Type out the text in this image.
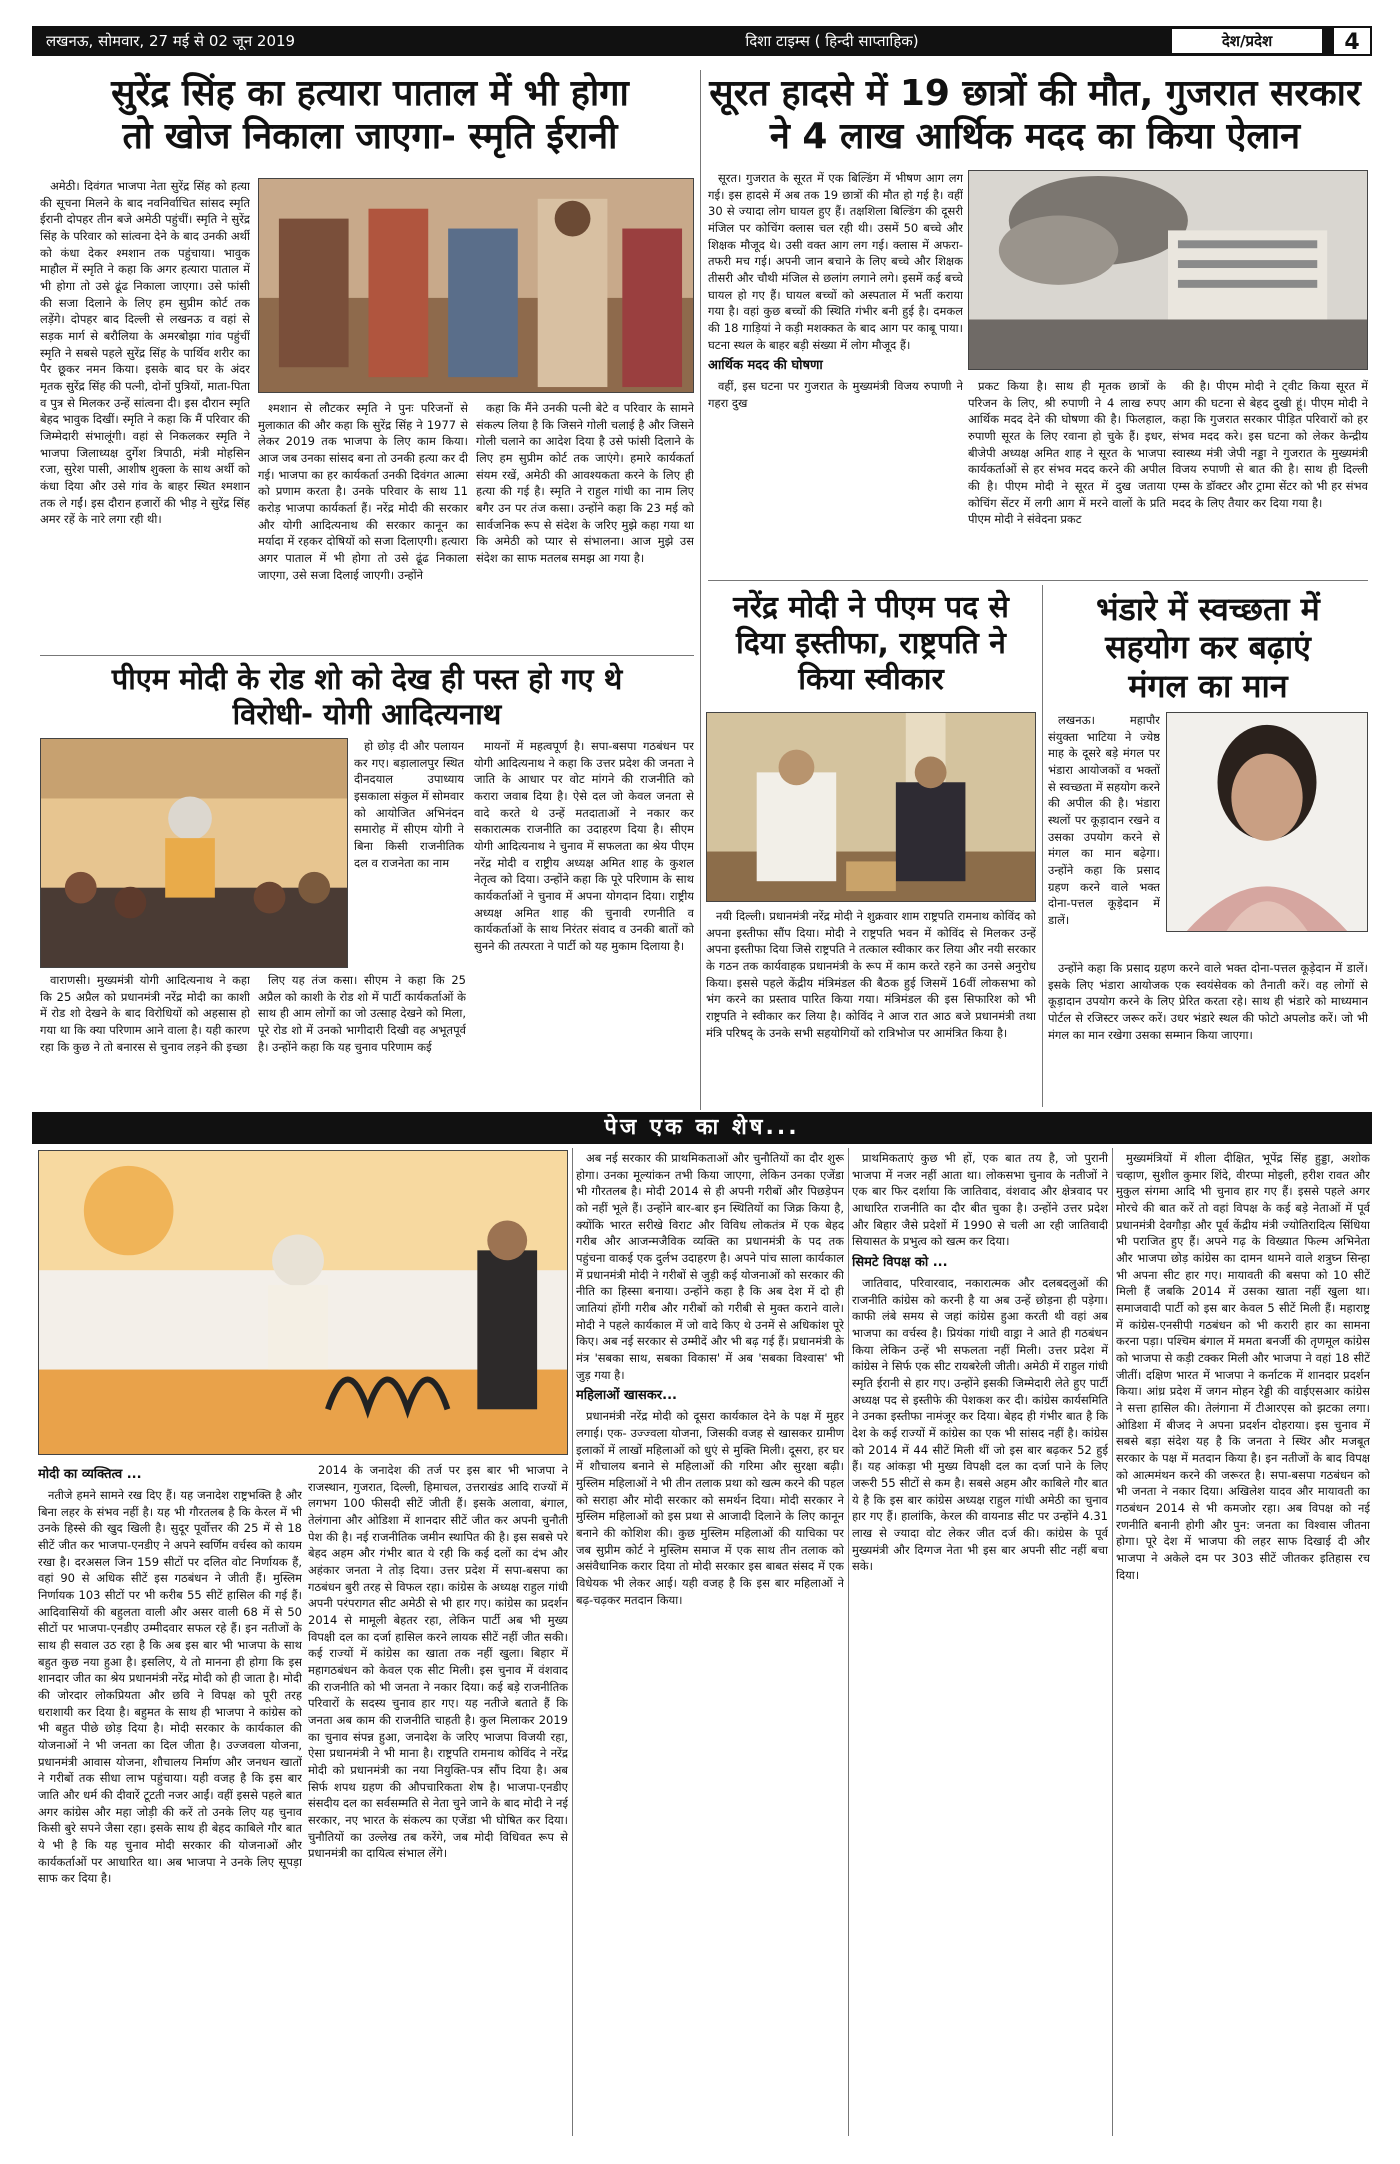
लखनऊ, सोमवार, 27 मई से 02 जून 2019	दिशा टाइम्स ( हिन्दी साप्ताहिक)	देश/प्रदेश	4
सुरेंद्र सिंह का हत्यारा पाताल में भी होगा
तो खोज निकाला जाएगा- स्मृति ईरानी
सूरत हादसे में 19 छात्रों की मौत, गुजरात सरकार
ने 4 लाख आर्थिक मदद का किया ऐलान

अमेठी। दिवंगत भाजपा नेता सुरेंद्र सिंह को हत्या की सूचना मिलने के बाद नवनिर्वाचित सांसद स्मृति ईरानी दोपहर तीन बजे अमेठी पहुंचीं। स्मृति ने सुरेंद्र सिंह के परिवार को सांत्वना देने के बाद उनकी अर्थी को कंधा देकर श्मशान तक पहुंचाया। भावुक माहौल में स्मृति ने कहा कि अगर हत्यारा पाताल में भी होगा तो उसे ढूंढ निकाला जाएगा। उसे फांसी की सजा दिलाने के लिए हम सुप्रीम कोर्ट तक लड़ेंगे। दोपहर बाद दिल्ली से लखनऊ व वहां से सड़क मार्ग से बरौलिया के अमरबोझा गांव पहुंचीं स्मृति ने सबसे पहले सुरेंद्र सिंह के पार्थिव शरीर का पैर छूकर नमन किया। इसके बाद घर के अंदर मृतक सुरेंद्र सिंह की पत्नी, दोनों पुत्रियों, माता-पिता व पुत्र से मिलकर उन्हें सांत्वना दी। इस दौरान स्मृति बेहद भावुक दिखीं। स्मृति ने कहा कि मैं परिवार की जिम्मेदारी संभालूंगी। वहां से निकलकर स्मृति ने भाजपा जिलाध्यक्ष दुर्गेश त्रिपाठी, मंत्री मोहसिन रजा, सुरेश पासी, आशीष शुक्ला के साथ अर्थी को कंधा दिया और उसे गांव के बाहर स्थित श्मशान तक ले गईं। इस दौरान हजारों की भीड़ ने सुरेंद्र सिंह अमर रहें के नारे लगा रही थी।

श्मशान से लौटकर स्मृति ने पुनः परिजनों से मुलाकात की और कहा कि सुरेंद्र सिंह ने 1977 से लेकर 2019 तक भाजपा के लिए काम किया। आज जब उनका सांसद बना तो उनकी हत्या कर दी गई। भाजपा का हर कार्यकर्ता उनकी दिवंगत आत्मा को प्रणाम करता है। उनके परिवार के साथ 11 करोड़ भाजपा कार्यकर्ता हैं। नरेंद्र मोदी की सरकार और योगी आदित्यनाथ की सरकार कानून का मर्यादा में रहकर दोषियों को सजा दिलाएगी। हत्यारा अगर पाताल में भी होगा तो उसे ढूंढ निकाला जाएगा, उसे सजा दिलाई जाएगी। उन्होंने

कहा कि मैंने उनकी पत्नी बेटे व परिवार के सामने संकल्प लिया है कि जिसने गोली चलाई है और जिसने गोली चलाने का आदेश दिया है उसे फांसी दिलाने के लिए हम सुप्रीम कोर्ट तक जाएंगे। हमारे कार्यकर्ता संयम रखें, अमेठी की आवश्यकता करने के लिए ही हत्या की गई है। स्मृति ने राहुल गांधी का नाम लिए बगैर उन पर तंज कसा। उन्होंने कहा कि 23 मई को सार्वजनिक रूप से संदेश के जरिए मुझे कहा गया था कि अमेठी को प्यार से संभालना। आज मुझे उस संदेश का साफ मतलब समझ आ गया है।

सूरत। गुजरात के सूरत में एक बिल्डिंग में भीषण आग लग गई। इस हादसे में अब तक 19 छात्रों की मौत हो गई है। वहीं 30 से ज्यादा लोग घायल हुए हैं। तक्षशिला बिल्डिंग की दूसरी मंजिल पर कोचिंग क्लास चल रही थी। उसमें 50 बच्चे और शिक्षक मौजूद थे। उसी वक्त आग लग गई। क्लास में अफरा-तफरी मच गई। अपनी जान बचाने के लिए बच्चे और शिक्षक तीसरी और चौथी मंजिल से छलांग लगाने लगे। इसमें कई बच्चे घायल हो गए हैं। घायल बच्चों को अस्पताल में भर्ती कराया गया है। वहां कुछ बच्चों की स्थिति गंभीर बनी हुई है। दमकल की 18 गाड़ियां ने कड़ी मशक्कत के बाद आग पर काबू पाया। घटना स्थल के बाहर बड़ी संख्या में लोग मौजूद हैं।

आर्थिक मदद की घोषणा

वहीं, इस घटना पर गुजरात के मुख्यमंत्री विजय रुपाणी ने गहरा दुख

प्रकट किया है। साथ ही मृतक छात्रों के परिजन के लिए, श्री रुपाणी ने 4 लाख रुपए आर्थिक मदद देने की घोषणा की है। फिलहाल, रुपाणी सूरत के लिए रवाना हो चुके हैं। इधर, बीजेपी अध्यक्ष अमित शाह ने सूरत के भाजपा कार्यकर्ताओं से हर संभव मदद करने की अपील की है। पीएम मोदी ने सूरत में दुख जताया कोचिंग सेंटर में लगी आग में मरने वालों के प्रति पीएम मोदी ने संवेदना प्रकट

की है। पीएम मोदी ने ट्वीट किया सूरत में आग की घटना से बेहद दुखी हूं। पीएम मोदी ने कहा कि गुजरात सरकार पीड़ित परिवारों को हर संभव मदद करे। इस घटना को लेकर केन्द्रीय स्वास्थ्य मंत्री जेपी नड्डा ने गुजरात के मुख्यमंत्री विजय रुपाणी से बात की है। साथ ही दिल्ली एम्स के डॉक्टर और ट्रामा सेंटर को भी हर संभव मदद के लिए तैयार कर दिया गया है।

नरेंद्र मोदी ने पीएम पद से
दिया इस्तीफा, राष्ट्रपति ने
किया स्वीकार

नयी दिल्ली। प्रधानमंत्री नरेंद्र मोदी ने शुक्रवार शाम राष्ट्रपति रामनाथ कोविंद को अपना इस्तीफा सौंप दिया। मोदी ने राष्ट्रपति भवन में कोविंद से मिलकर उन्हें अपना इस्तीफा दिया जिसे राष्ट्रपति ने तत्काल स्वीकार कर लिया और नयी सरकार के गठन तक कार्यवाहक प्रधानमंत्री के रूप में काम करते रहने का उनसे अनुरोध किया। इससे पहले केंद्रीय मंत्रिमंडल की बैठक हुई जिसमें 16वीं लोकसभा को भंग करने का प्रस्ताव पारित किया गया। मंत्रिमंडल की इस सिफारिश को भी राष्ट्रपति ने स्वीकार कर लिया है। कोविंद ने आज रात आठ बजे प्रधानमंत्री तथा मंत्रि परिषद् के उनके सभी सहयोगियों को रात्रिभोज पर आमंत्रित किया है।

भंडारे में स्वच्छता में
सहयोग कर बढ़ाएं
मंगल का मान

लखनऊ। महापौर संयुक्ता भाटिया ने ज्येष्ठ माह के दूसरे बड़े मंगल पर भंडारा आयोजकों व भक्तों से स्वच्छता में सहयोग करने की अपील की है। भंडारा स्थलों पर कूड़ादान रखने व उसका उपयोग करने से मंगल का मान बढ़ेगा। उन्होंने कहा कि प्रसाद ग्रहण करने वाले भक्त दोना-पत्तल कूड़ेदान में डालें।

उन्होंने कहा कि प्रसाद ग्रहण करने वाले भक्त दोना-पत्तल कूड़ेदान में डालें। इसके लिए भंडारा आयोजक एक स्वयंसेवक को तैनाती करें। वह लोगों से कूड़ादान उपयोग करने के लिए प्रेरित करता रहे। साथ ही भंडारे को माध्यमान पोर्टल से रजिस्टर जरूर करें। उधर भंडारे स्थल की फोटो अपलोड करें। जो भी मंगल का मान रखेगा उसका सम्मान किया जाएगा।

पीएम मोदी के रोड शो को देख ही पस्त हो गए थे
विरोधी- योगी आदित्यनाथ

हो छोड़ दी और पलायन कर गए। बड़ालालपुर स्थित दीनदयाल उपाध्याय इसकाला संकुल में सोमवार को आयोजित अभिनंदन समारोह में सीएम योगी ने बिना किसी राजनीतिक दल व राजनेता का नाम

वाराणसी। मुख्यमंत्री योगी आदित्यनाथ ने कहा कि 25 अप्रैल को प्रधानमंत्री नरेंद्र मोदी का काशी में रोड शो देखने के बाद विरोधियों को अहसास हो गया था कि क्या परिणाम आने वाला है। यही कारण रहा कि कुछ ने तो बनारस से चुनाव लड़ने की इच्छा

लिए यह तंज कसा। सीएम ने कहा कि 25 अप्रैल को काशी के रोड शो में पार्टी कार्यकर्ताओं के साथ ही आम लोगों का जो उत्साह देखने को मिला, पूरे रोड शो में उनको भागीदारी दिखी वह अभूतपूर्व है। उन्होंने कहा कि यह चुनाव परिणाम कई

मायनों में महत्वपूर्ण है। सपा-बसपा गठबंधन पर योगी आदित्यनाथ ने कहा कि उत्तर प्रदेश की जनता ने जाति के आधार पर वोट मांगने की राजनीति को करारा जवाब दिया है। ऐसे दल जो केवल जनता से वादे करते थे उन्हें मतदाताओं ने नकार कर सकारात्मक राजनीति का उदाहरण दिया है। सीएम योगी आदित्यनाथ ने चुनाव में सफलता का श्रेय पीएम नरेंद्र मोदी व राष्ट्रीय अध्यक्ष अमित शाह के कुशल नेतृत्व को दिया। उन्होंने कहा कि पूरे परिणाम के साथ कार्यकर्ताओं ने चुनाव में अपना योगदान दिया। राष्ट्रीय अध्यक्ष अमित शाह की चुनावी रणनीति व कार्यकर्ताओं के साथ निरंतर संवाद व उनकी बातों को सुनने की तत्परता ने पार्टी को यह मुकाम दिलाया है।

पेज एक का शेष...
मोदी का व्यक्तित्व ...

नतीजे हमने सामने रख दिए हैं। यह जनादेश राष्ट्रभक्ति है और बिना लहर के संभव नहीं है। यह भी गौरतलब है कि केरल में भी उनके हिस्से की खुद खिली है। सुदूर पूर्वोत्तर की 25 में से 18 सीटें जीत कर भाजपा-एनडीए ने अपने स्वर्णिम वर्चस्व को कायम रखा है। दरअसल जिन 159 सीटों पर दलित वोट निर्णायक हैं, वहां 90 से अधिक सीटें इस गठबंधन ने जीती हैं। मुस्लिम निर्णायक 103 सीटों पर भी करीब 55 सीटें हासिल की गई हैं। आदिवासियों की बहुलता वाली और असर वाली 68 में से 50 सीटों पर भाजपा-एनडीए उम्मीदवार सफल रहे हैं। इन नतीजों के साथ ही सवाल उठ रहा है कि अब इस बार भी भाजपा के साथ बहुत कुछ नया हुआ है। इसलिए, ये तो मानना ही होगा कि इस शानदार जीत का श्रेय प्रधानमंत्री नरेंद्र मोदी को ही जाता है। मोदी की जोरदार लोकप्रियता और छवि ने विपक्ष को पूरी तरह धराशायी कर दिया है। बहुमत के साथ ही भाजपा ने कांग्रेस को भी बहुत पीछे छोड़ दिया है। मोदी सरकार के कार्यकाल की योजनाओं ने भी जनता का दिल जीता है। उज्जवला योजना, प्रधानमंत्री आवास योजना, शौचालय निर्माण और जनधन खातों ने गरीबों तक सीधा लाभ पहुंचाया। यही वजह है कि इस बार जाति और धर्म की दीवारें टूटती नजर आईं। वहीं इससे पहले बात अगर कांग्रेस और महा जोड़ी की करें तो उनके लिए यह चुनाव किसी बुरे सपने जैसा रहा। इसके साथ ही बेहद काबिले गौर बात ये भी है कि यह चुनाव मोदी सरकार की योजनाओं और कार्यकर्ताओं पर आधारित था। अब भाजपा ने उनके लिए सूपड़ा साफ कर दिया है।

2014 के जनादेश की तर्ज पर इस बार भी भाजपा ने राजस्थान, गुजरात, दिल्ली, हिमाचल, उत्तराखंड आदि राज्यों में लगभग 100 फीसदी सीटें जीती हैं। इसके अलावा, बंगाल, तेलंगाना और ओडिशा में शानदार सीटें जीत कर अपनी चुनौती पेश की है। नई राजनीतिक जमीन स्थापित की है। इस सबसे परे बेहद अहम और गंभीर बात ये रही कि कई दलों का दंभ और अहंकार जनता ने तोड़ दिया। उत्तर प्रदेश में सपा-बसपा का गठबंधन बुरी तरह से विफल रहा। कांग्रेस के अध्यक्ष राहुल गांधी अपनी परंपरागत सीट अमेठी से भी हार गए। कांग्रेस का प्रदर्शन 2014 से मामूली बेहतर रहा, लेकिन पार्टी अब भी मुख्य विपक्षी दल का दर्जा हासिल करने लायक सीटें नहीं जीत सकी। कई राज्यों में कांग्रेस का खाता तक नहीं खुला। बिहार में महागठबंधन को केवल एक सीट मिली। इस चुनाव में वंशवाद की राजनीति को भी जनता ने नकार दिया। कई बड़े राजनीतिक परिवारों के सदस्य चुनाव हार गए। यह नतीजे बताते हैं कि जनता अब काम की राजनीति चाहती है। कुल मिलाकर 2019 का चुनाव संपन्न हुआ, जनादेश के जरिए भाजपा विजयी रहा, ऐसा प्रधानमंत्री ने भी माना है। राष्ट्रपति रामनाथ कोविंद ने नरेंद्र मोदी को प्रधानमंत्री का नया नियुक्ति-पत्र सौंप दिया है। अब सिर्फ शपथ ग्रहण की औपचारिकता शेष है। भाजपा-एनडीए संसदीय दल का सर्वसम्मति से नेता चुने जाने के बाद मोदी ने नई सरकार, नए भारत के संकल्प का एजेंडा भी घोषित कर दिया। चुनौतियों का उल्लेख तब करेंगे, जब मोदी विधिवत रूप से प्रधानमंत्री का दायित्व संभाल लेंगे।

अब नई सरकार की प्राथमिकताओं और चुनौतियों का दौर शुरू होगा। उनका मूल्यांकन तभी किया जाएगा, लेकिन उनका एजेंडा भी गौरतलब है। मोदी 2014 से ही अपनी गरीबों और पिछड़ेपन को नहीं भूले हैं। उन्होंने बार-बार इन स्थितियों का जिक्र किया है, क्योंकि भारत सरीखे विराट और विविध लोकतंत्र में एक बेहद गरीब और आजन्मजैविक व्यक्ति का प्रधानमंत्री के पद तक पहुंचना वाकई एक दुर्लभ उदाहरण है। अपने पांच साला कार्यकाल में प्रधानमंत्री मोदी ने गरीबों से जुड़ी कई योजनाओं को सरकार की नीति का हिस्सा बनाया। उन्होंने कहा है कि अब देश में दो ही जातियां होंगी गरीब और गरीबों को गरीबी से मुक्त कराने वाले। मोदी ने पहले कार्यकाल में जो वादे किए थे उनमें से अधिकांश पूरे किए। अब नई सरकार से उम्मीदें और भी बढ़ गई हैं। प्रधानमंत्री के मंत्र 'सबका साथ, सबका विकास' में अब 'सबका विश्वास' भी जुड़ गया है।

महिलाओं खासकर...

प्रधानमंत्री नरेंद्र मोदी को दूसरा कार्यकाल देने के पक्ष में मुहर लगाई। एक- उज्ज्वला योजना, जिसकी वजह से खासकर ग्रामीण इलाकों में लाखों महिलाओं को धुएं से मुक्ति मिली। दूसरा, हर घर में शौचालय बनाने से महिलाओं की गरिमा और सुरक्षा बढ़ी। मुस्लिम महिलाओं ने भी तीन तलाक प्रथा को खत्म करने की पहल को सराहा और मोदी सरकार को समर्थन दिया। मोदी सरकार ने मुस्लिम महिलाओं को इस प्रथा से आजादी दिलाने के लिए कानून बनाने की कोशिश की। कुछ मुस्लिम महिलाओं की याचिका पर जब सुप्रीम कोर्ट ने मुस्लिम समाज में एक साथ तीन तलाक को असंवैधानिक करार दिया तो मोदी सरकार इस बाबत संसद में एक विधेयक भी लेकर आई। यही वजह है कि इस बार महिलाओं ने बढ़-चढ़कर मतदान किया।

प्राथमिकताएं कुछ भी हों, एक बात तय है, जो पुरानी भाजपा में नजर नहीं आता था। लोकसभा चुनाव के नतीजों ने एक बार फिर दर्शाया कि जातिवाद, वंशवाद और क्षेत्रवाद पर आधारित राजनीति का दौर बीत चुका है। उन्होंने उत्तर प्रदेश और बिहार जैसे प्रदेशों में 1990 से चली आ रही जातिवादी सियासत के प्रभुत्व को खत्म कर दिया।

सिमटे विपक्ष को ...

जातिवाद, परिवारवाद, नकारात्मक और दलबदलुओं की राजनीति कांग्रेस को करनी है या अब उन्हें छोड़ना ही पड़ेगा। काफी लंबे समय से जहां कांग्रेस हुआ करती थी वहां अब भाजपा का वर्चस्व है। प्रियंका गांधी वाड्रा ने आते ही गठबंधन किया लेकिन उन्हें भी सफलता नहीं मिली। उत्तर प्रदेश में कांग्रेस ने सिर्फ एक सीट रायबरेली जीती। अमेठी में राहुल गांधी स्मृति ईरानी से हार गए। उन्होंने इसकी जिम्मेदारी लेते हुए पार्टी अध्यक्ष पद से इस्तीफे की पेशकश कर दी। कांग्रेस कार्यसमिति ने उनका इस्तीफा नामंजूर कर दिया। बेहद ही गंभीर बात है कि देश के कई राज्यों में कांग्रेस का एक भी सांसद नहीं है। कांग्रेस को 2014 में 44 सीटें मिली थीं जो इस बार बढ़कर 52 हुई हैं। यह आंकड़ा भी मुख्य विपक्षी दल का दर्जा पाने के लिए जरूरी 55 सीटों से कम है। सबसे अहम और काबिले गौर बात ये है कि इस बार कांग्रेस अध्यक्ष राहुल गांधी अमेठी का चुनाव हार गए हैं। हालांकि, केरल की वायनाड सीट पर उन्होंने 4.31 लाख से ज्यादा वोट लेकर जीत दर्ज की। कांग्रेस के पूर्व मुख्यमंत्री और दिग्गज नेता भी इस बार अपनी सीट नहीं बचा सके।

मुख्यमंत्रियों में शीला दीक्षित, भूपेंद्र सिंह हुड्डा, अशोक चव्हाण, सुशील कुमार शिंदे, वीरप्पा मोइली, हरीश रावत और मुकुल संगमा आदि भी चुनाव हार गए हैं। इससे पहले अगर मोरचे की बात करें तो वहां विपक्ष के कई बड़े नेताओं में पूर्व प्रधानमंत्री देवगौड़ा और पूर्व केंद्रीय मंत्री ज्योतिरादित्य सिंधिया भी पराजित हुए हैं। अपने गढ़ के विख्यात फिल्म अभिनेता और भाजपा छोड़ कांग्रेस का दामन थामने वाले शत्रुघ्न सिन्हा भी अपना सीट हार गए। मायावती की बसपा को 10 सीटें मिली हैं जबकि 2014 में उसका खाता नहीं खुला था। समाजवादी पार्टी को इस बार केवल 5 सीटें मिली हैं। महाराष्ट्र में कांग्रेस-एनसीपी गठबंधन को भी करारी हार का सामना करना पड़ा। पश्चिम बंगाल में ममता बनर्जी की तृणमूल कांग्रेस को भाजपा से कड़ी टक्कर मिली और भाजपा ने वहां 18 सीटें जीतीं। दक्षिण भारत में भाजपा ने कर्नाटक में शानदार प्रदर्शन किया। आंध्र प्रदेश में जगन मोहन रेड्डी की वाईएसआर कांग्रेस ने सत्ता हासिल की। तेलंगाना में टीआरएस को झटका लगा। ओडिशा में बीजद ने अपना प्रदर्शन दोहराया। इस चुनाव में सबसे बड़ा संदेश यह है कि जनता ने स्थिर और मजबूत सरकार के पक्ष में मतदान किया है। इन नतीजों के बाद विपक्ष को आत्ममंथन करने की जरूरत है। सपा-बसपा गठबंधन को भी जनता ने नकार दिया। अखिलेश यादव और मायावती का गठबंधन 2014 से भी कमजोर रहा। अब विपक्ष को नई रणनीति बनानी होगी और पुन: जनता का विश्वास जीतना होगा। पूरे देश में भाजपा की लहर साफ दिखाई दी और भाजपा ने अकेले दम पर 303 सीटें जीतकर इतिहास रच दिया।
